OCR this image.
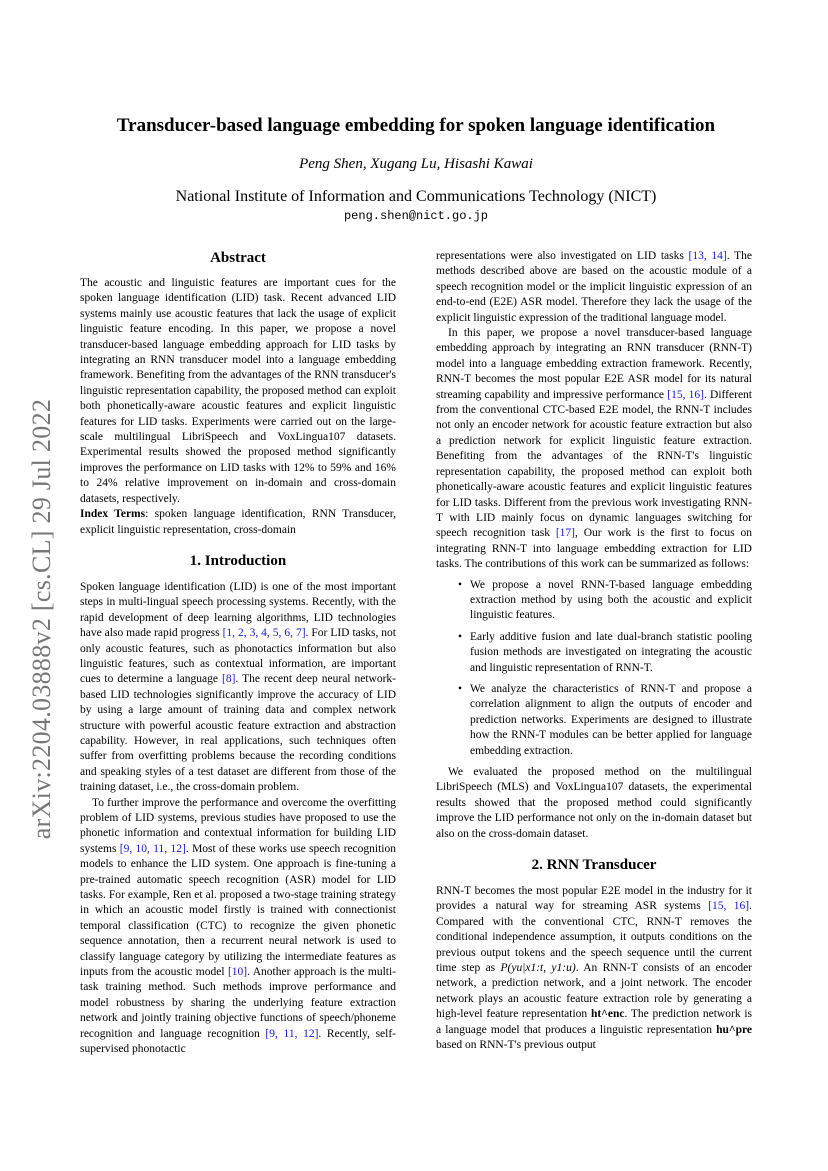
arXiv:2204.03888v2 [cs.CL] 29 Jul 2022
Transducer-based language embedding for spoken language identification
Peng Shen, Xugang Lu, Hisashi Kawai
National Institute of Information and Communications Technology (NICT)
peng.shen@nict.go.jp
Abstract

The acoustic and linguistic features are important cues for the spoken language identification (LID) task. Recent advanced LID systems mainly use acoustic features that lack the usage of explicit linguistic feature encoding. In this paper, we propose a novel transducer-based language embedding approach for LID tasks by integrating an RNN transducer model into a language embedding framework. Benefiting from the advantages of the RNN transducer's linguistic representation capability, the proposed method can exploit both phonetically-aware acoustic features and explicit linguistic features for LID tasks. Experiments were carried out on the large-scale multilingual LibriSpeech and VoxLingua107 datasets. Experimental results showed the proposed method significantly improves the performance on LID tasks with 12% to 59% and 16% to 24% relative improvement on in-domain and cross-domain datasets, respectively.

Index Terms: spoken language identification, RNN Transducer, explicit linguistic representation, cross-domain

1. Introduction

Spoken language identification (LID) is one of the most important steps in multi-lingual speech processing systems. Recently, with the rapid development of deep learning algorithms, LID technologies have also made rapid progress [1, 2, 3, 4, 5, 6, 7]. For LID tasks, not only acoustic features, such as phonotactics information but also linguistic features, such as contextual information, are important cues to determine a language [8]. The recent deep neural network-based LID technologies significantly improve the accuracy of LID by using a large amount of training data and complex network structure with powerful acoustic feature extraction and abstraction capability. However, in real applications, such techniques often suffer from overfitting problems because the recording conditions and speaking styles of a test dataset are different from those of the training dataset, i.e., the cross-domain problem.

To further improve the performance and overcome the overfitting problem of LID systems, previous studies have proposed to use the phonetic information and contextual information for building LID systems [9, 10, 11, 12]. Most of these works use speech recognition models to enhance the LID system. One approach is fine-tuning a pre-trained automatic speech recognition (ASR) model for LID tasks. For example, Ren et al. proposed a two-stage training strategy in which an acoustic model firstly is trained with connectionist temporal classification (CTC) to recognize the given phonetic sequence annotation, then a recurrent neural network is used to classify language category by utilizing the intermediate features as inputs from the acoustic model [10]. Another approach is the multi-task training method. Such methods improve performance and model robustness by sharing the underlying feature extraction network and jointly training objective functions of speech/phoneme recognition and language recognition [9, 11, 12]. Recently, self-supervised phonotactic

representations were also investigated on LID tasks [13, 14]. The methods described above are based on the acoustic module of a speech recognition model or the implicit linguistic expression of an end-to-end (E2E) ASR model. Therefore they lack the usage of the explicit linguistic expression of the traditional language model.

In this paper, we propose a novel transducer-based language embedding approach by integrating an RNN transducer (RNN-T) model into a language embedding extraction framework. Recently, RNN-T becomes the most popular E2E ASR model for its natural streaming capability and impressive performance [15, 16]. Different from the conventional CTC-based E2E model, the RNN-T includes not only an encoder network for acoustic feature extraction but also a prediction network for explicit linguistic feature extraction. Benefiting from the advantages of the RNN-T's linguistic representation capability, the proposed method can exploit both phonetically-aware acoustic features and explicit linguistic features for LID tasks. Different from the previous work investigating RNN-T with LID mainly focus on dynamic languages switching for speech recognition task [17], Our work is the first to focus on integrating RNN-T into language embedding extraction for LID tasks. The contributions of this work can be summarized as follows:

• We propose a novel RNN-T-based language embedding extraction method by using both the acoustic and explicit linguistic features.
• Early additive fusion and late dual-branch statistic pooling fusion methods are investigated on integrating the acoustic and linguistic representation of RNN-T.
• We analyze the characteristics of RNN-T and propose a correlation alignment to align the outputs of encoder and prediction networks. Experiments are designed to illustrate how the RNN-T modules can be better applied for language embedding extraction.

We evaluated the proposed method on the multilingual LibriSpeech (MLS) and VoxLingua107 datasets, the experimental results showed that the proposed method could significantly improve the LID performance not only on the in-domain dataset but also on the cross-domain dataset.

2. RNN Transducer

RNN-T becomes the most popular E2E model in the industry for it provides a natural way for streaming ASR systems [15, 16]. Compared with the conventional CTC, RNN-T removes the conditional independence assumption, it outputs conditions on the previous output tokens and the speech sequence until the current time step as P(yu|x1:t, y1:u). An RNN-T consists of an encoder network, a prediction network, and a joint network. The encoder network plays an acoustic feature extraction role by generating a high-level feature representation ht^enc. The prediction network is a language model that produces a linguistic representation hu^pre based on RNN-T's previous output
